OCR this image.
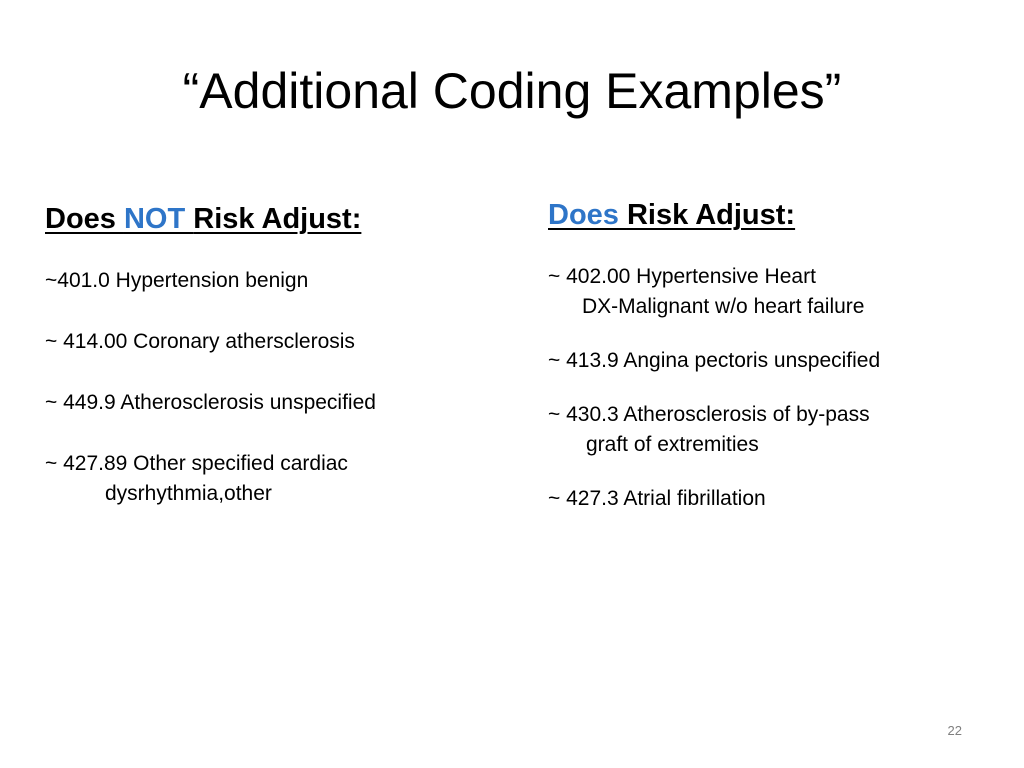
“Additional Coding Examples”
Does NOT Risk Adjust:
~401.0 Hypertension benign
~ 414.00 Coronary athersclerosis
~ 449.9 Atherosclerosis unspecified
~ 427.89 Other specified cardiac
dysrhythmia,other
Does Risk Adjust:
~ 402.00 Hypertensive Heart
DX-Malignant w/o heart failure
~ 413.9 Angina pectoris unspecified
~ 430.3 Atherosclerosis of by-pass
graft of extremities
~ 427.3 Atrial fibrillation
22
